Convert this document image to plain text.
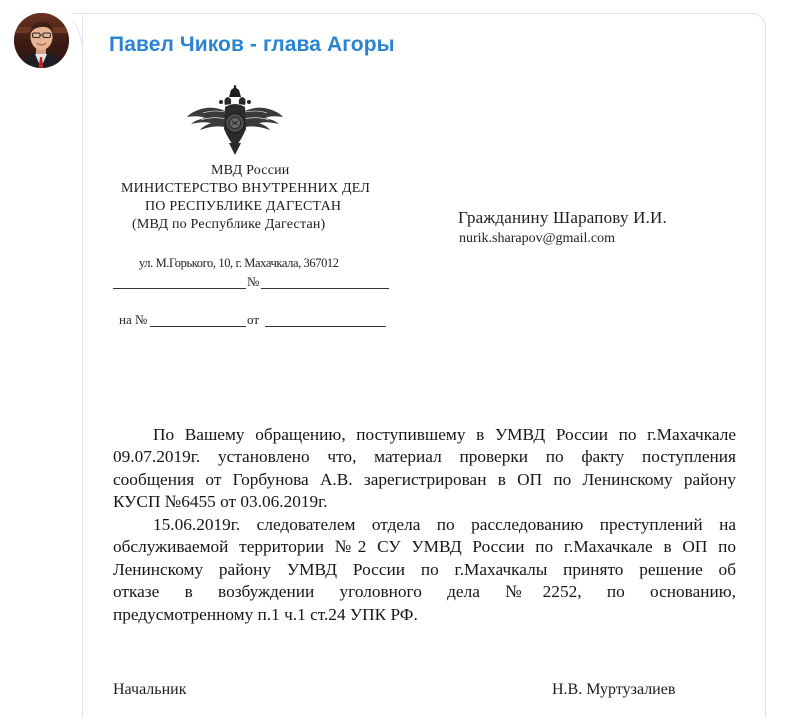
Павел Чиков - глава Агоры
МВД России
МИНИСТЕРСТВО ВНУТРЕННИХ ДЕЛ
ПО РЕСПУБЛИКЕ ДАГЕСТАН
(МВД по Республике Дагестан)
ул. М.Горького, 10, г. Махачкала, 367012
№
на №	от
Гражданину Шарапову И.И.
nurik.sharapov@gmail.com
По Вашему обращению, поступившему в УМВД России по г.Махачкале
09.07.2019г. установлено что, материал проверки по факту поступления
сообщения от Горбунова А.В. зарегистрирован в ОП по Ленинскому району
КУСП №6455 от 03.06.2019г.
15.06.2019г. следователем отдела по расследованию преступлений на
обслуживаемой территории №2 СУ УМВД России по г.Махачкале в ОП по
Ленинскому району УМВД России по г.Махачкалы принято решение об
отказе в возбуждении уголовного дела №2252, по основанию,
предусмотренному п.1 ч.1 ст.24 УПК РФ.
Начальник	Н.В. Муртузалиев
